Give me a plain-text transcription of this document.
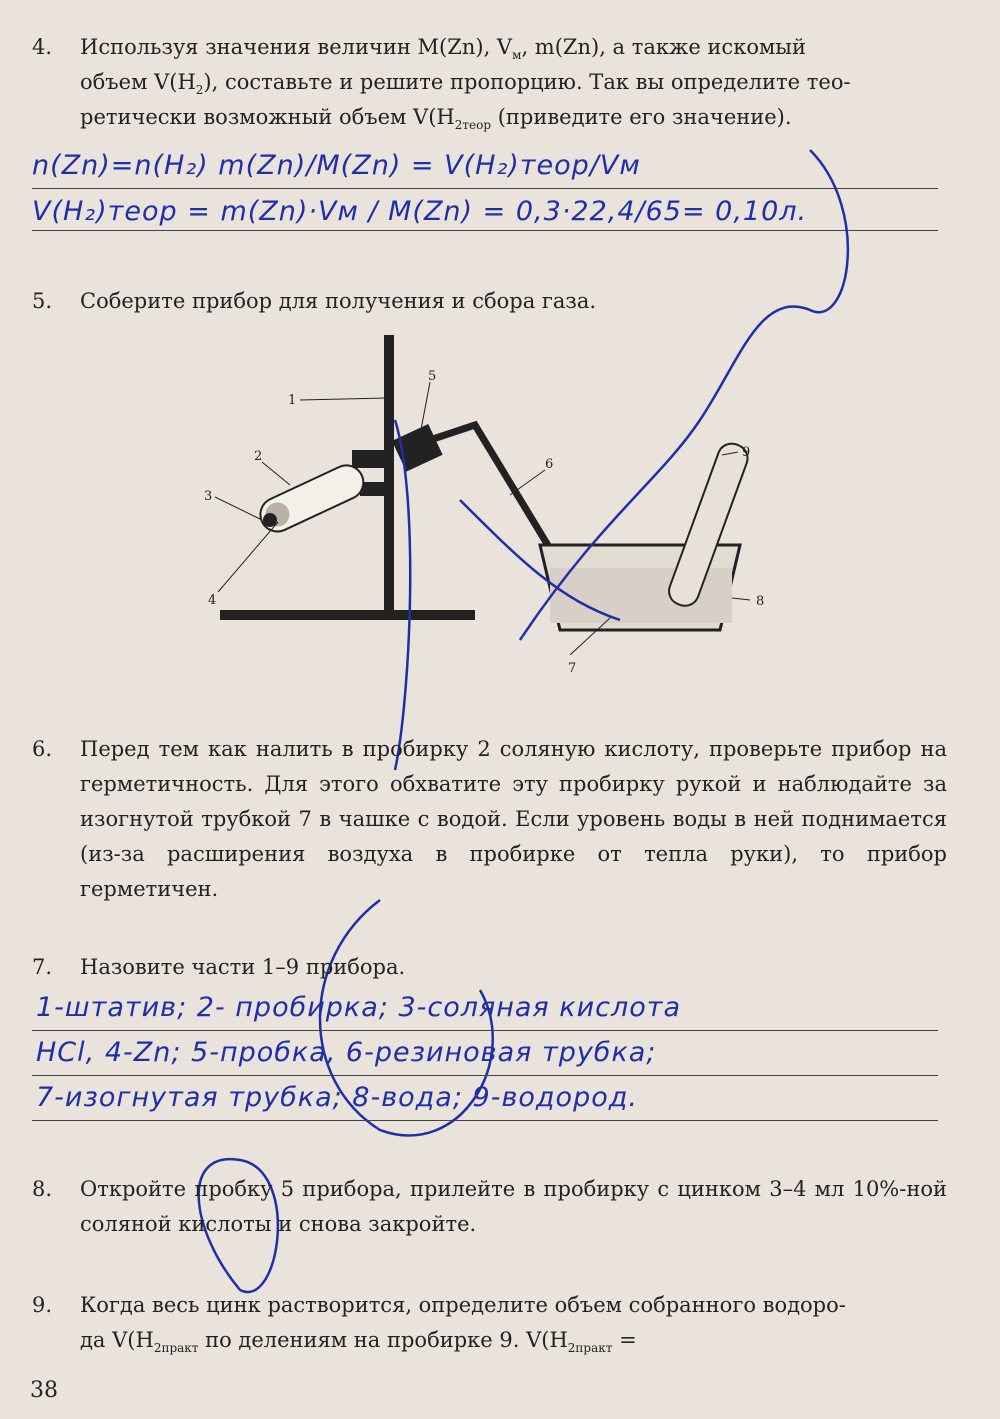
4. Используя значения величин M(Zn), $V_м$, m(Zn), а также искомый
объем $V(H_2)$, составьте и решите пропорцию. Так вы определите тео-
ретически возможный объем $V(H_{2теор}$ (приведите его значение).
n(Zn)=n(H₂) m(Zn)/M(Zn) = V(H₂)теор/Vм
V(H₂)теор = m(Zn)·Vм / M(Zn) = 0,3·22,4/65= 0,10л.
5. Соберите прибор для получения и сбора газа.
1
2
3
4
5
6
7
8
9
6. Перед тем как налить в пробирку 2 соляную кислоту, проверьте прибор на герметичность. Для этого обхватите эту пробирку рукой и наблюдайте за изогнутой трубкой 7 в чашке с водой. Если уровень воды в ней поднимается (из-за расширения воздуха в пробирке от тепла руки), то прибор герметичен.
7. Назовите части 1–9 прибора.
1-штатив; 2- пробирка; 3-соляная кислота
HCl, 4-Zn; 5-пробка, 6-резиновая трубка;
7-изогнутая трубка; 8-вода; 9-водород.
8. Откройте пробку 5 прибора, прилейте в пробирку с цинком 3–4 мл 10%-ной соляной кислоты и снова закройте.
9. Когда весь цинк растворится, определите объем собранного водоро-
да $V(H_{2практ}$ по делениям на пробирке 9. $V(H_{2практ}$ =
38
